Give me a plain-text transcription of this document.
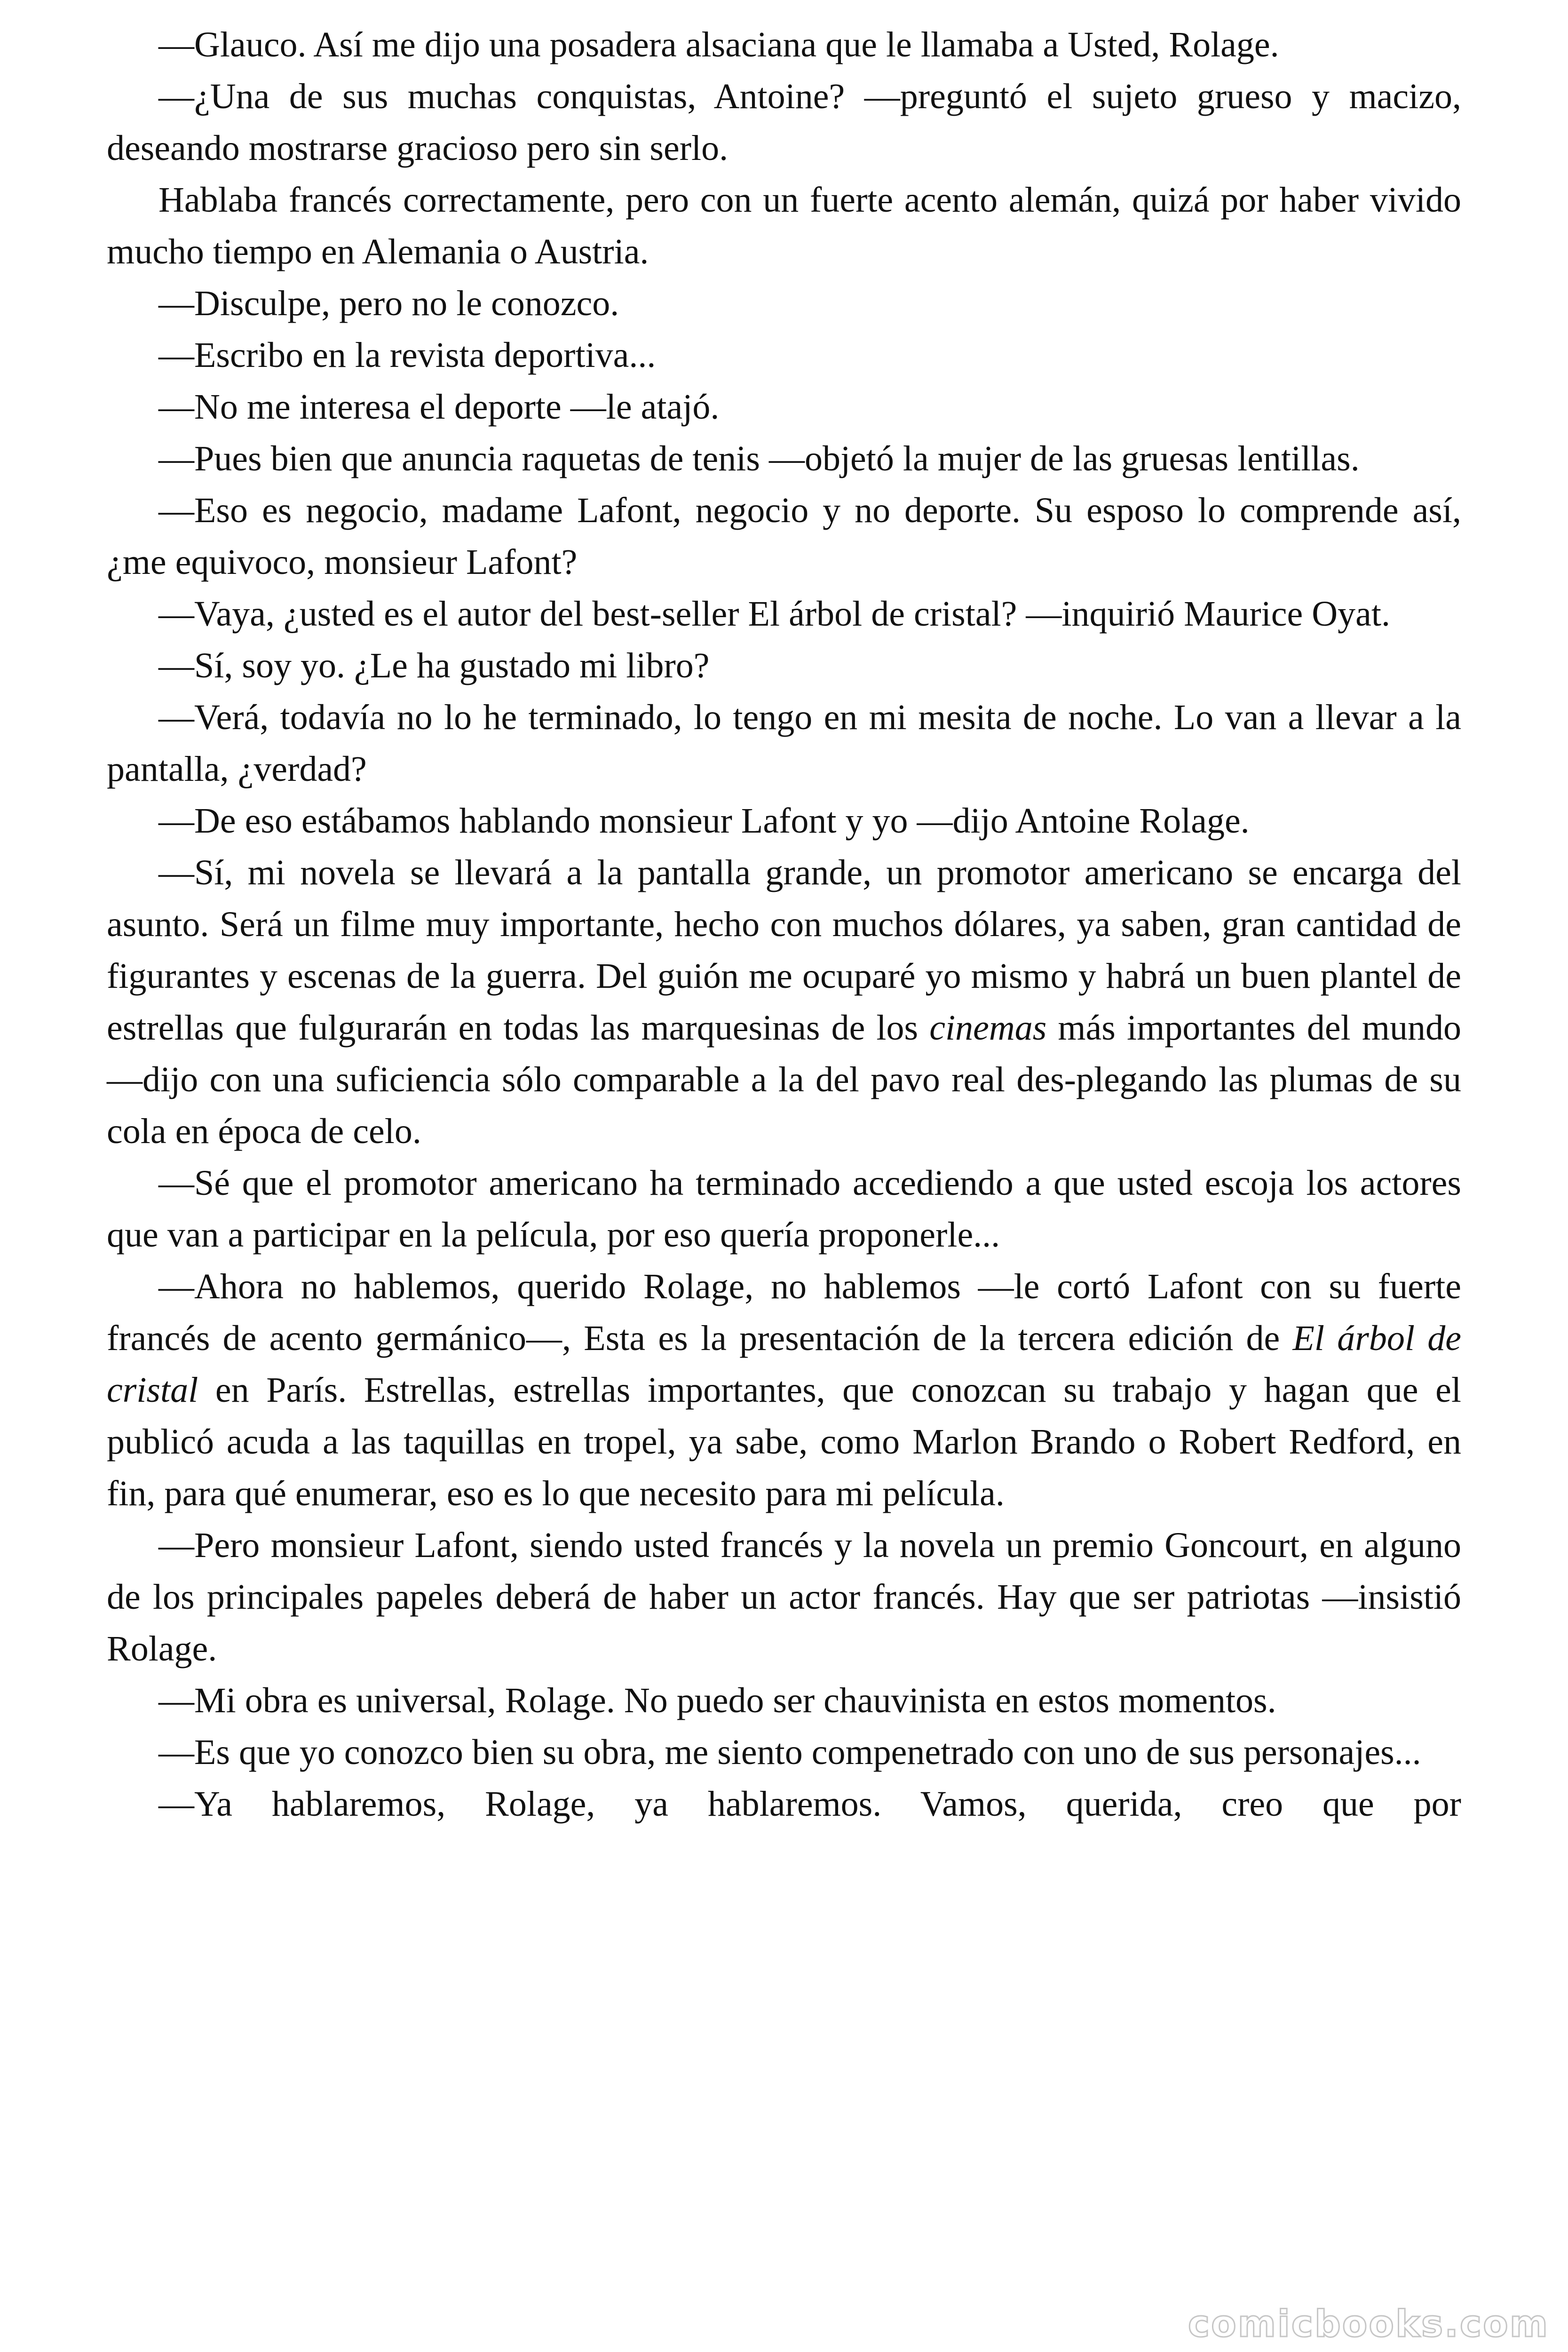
—Glauco. Así me dijo una posadera alsaciana que le llamaba a Usted, Rolage.

—¿Una de sus muchas conquistas, Antoine? —preguntó el sujeto grueso y macizo, deseando mostrarse gracioso pero sin serlo.

Hablaba francés correctamente, pero con un fuerte acento alemán, quizá por haber vivido mucho tiempo en Alemania o Austria.

—Disculpe, pero no le conozco.

—Escribo en la revista deportiva...

—No me interesa el deporte —le atajó.

—Pues bien que anuncia raquetas de tenis —objetó la mujer de las gruesas lentillas.

—Eso es negocio, madame Lafont, negocio y no deporte. Su esposo lo comprende así, ¿me equivoco, monsieur Lafont?

—Vaya, ¿usted es el autor del best-seller El árbol de cristal? —inquirió Maurice Oyat.

—Sí, soy yo. ¿Le ha gustado mi libro?

—Verá, todavía no lo he terminado, lo tengo en mi mesita de noche. Lo van a llevar a la pantalla, ¿verdad?

—De eso estábamos hablando monsieur Lafont y yo —dijo Antoine Rolage.

—Sí, mi novela se llevará a la pantalla grande, un promotor americano se encarga del asunto. Será un filme muy importante, hecho con muchos dólares, ya saben, gran cantidad de figurantes y escenas de la guerra. Del guión me ocuparé yo mismo y habrá un buen plantel de estrellas que fulgurarán en todas las marquesinas de los cinemas más importantes del mundo —dijo con una suficiencia sólo comparable a la del pavo real des-plegando las plumas de su cola en época de celo.

—Sé que el promotor americano ha terminado accediendo a que usted escoja los actores que van a participar en la película, por eso quería proponerle...

—Ahora no hablemos, querido Rolage, no hablemos —le cortó Lafont con su fuerte francés de acento germánico—, Esta es la presentación de la tercera edición de El árbol de cristal en París. Estrellas, estrellas importantes, que conozcan su trabajo y hagan que el publicó acuda a las taquillas en tropel, ya sabe, como Marlon Brando o Robert Redford, en fin, para qué enumerar, eso es lo que necesito para mi película.

—Pero monsieur Lafont, siendo usted francés y la novela un premio Goncourt, en alguno de los principales papeles deberá de haber un actor francés. Hay que ser patriotas —insistió Rolage.

—Mi obra es universal, Rolage. No puedo ser chauvinista en estos momentos.

—Es que yo conozco bien su obra, me siento compenetrado con uno de sus personajes...

—Ya hablaremos, Rolage, ya hablaremos. Vamos, querida, creo que por

comicbooks.com
